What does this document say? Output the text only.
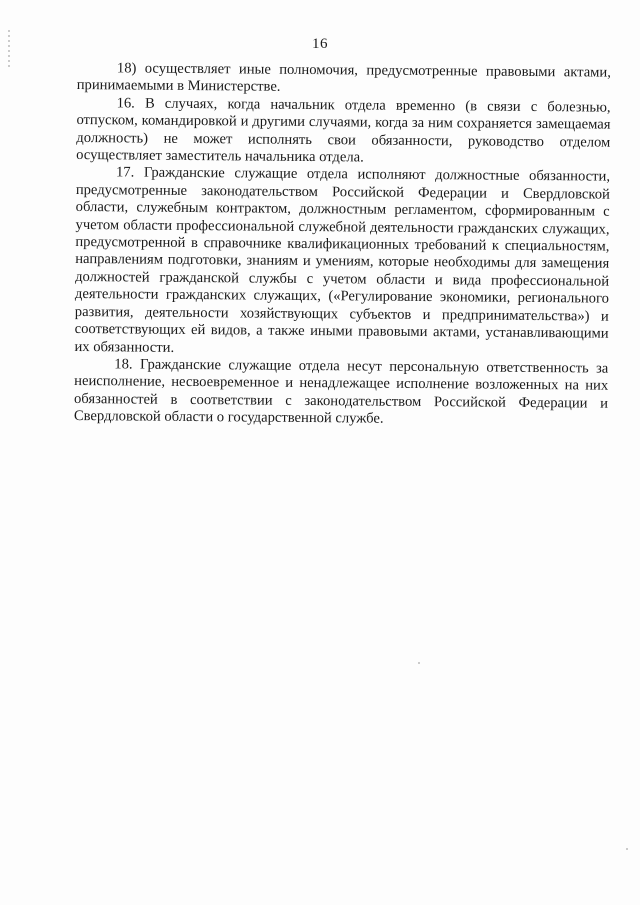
16

18) осуществляет иные полномочия, предусмотренные правовыми актами, принимаемыми в Министерстве.

16. В случаях, когда начальник отдела временно (в связи с болезнью, отпуском, командировкой и другими случаями, когда за ним сохраняется замещаемая должность) не может исполнять свои обязанности, руководство отделом осуществляет заместитель начальника отдела.

17. Гражданские служащие отдела исполняют должностные обязанности, предусмотренные законодательством Российской Федерации и Свердловской области, служебным контрактом, должностным регламентом, сформированным с учетом области профессиональной служебной деятельности гражданских служащих, предусмотренной в справочнике квалификационных требований к специальностям, направлениям подготовки, знаниям и умениям, которые необходимы для замещения должностей гражданской службы с учетом области и вида профессиональной деятельности гражданских служащих, («Регулирование экономики, регионального развития, деятельности хозяйствующих субъектов и предпринимательства») и соответствующих ей видов, а также иными правовыми актами, устанавливающими их обязанности.

18. Гражданские служащие отдела несут персональную ответственность за неисполнение, несвоевременное и ненадлежащее исполнение возложенных на них обязанностей в соответствии с законодательством Российской Федерации и Свердловской области о государственной службе.
